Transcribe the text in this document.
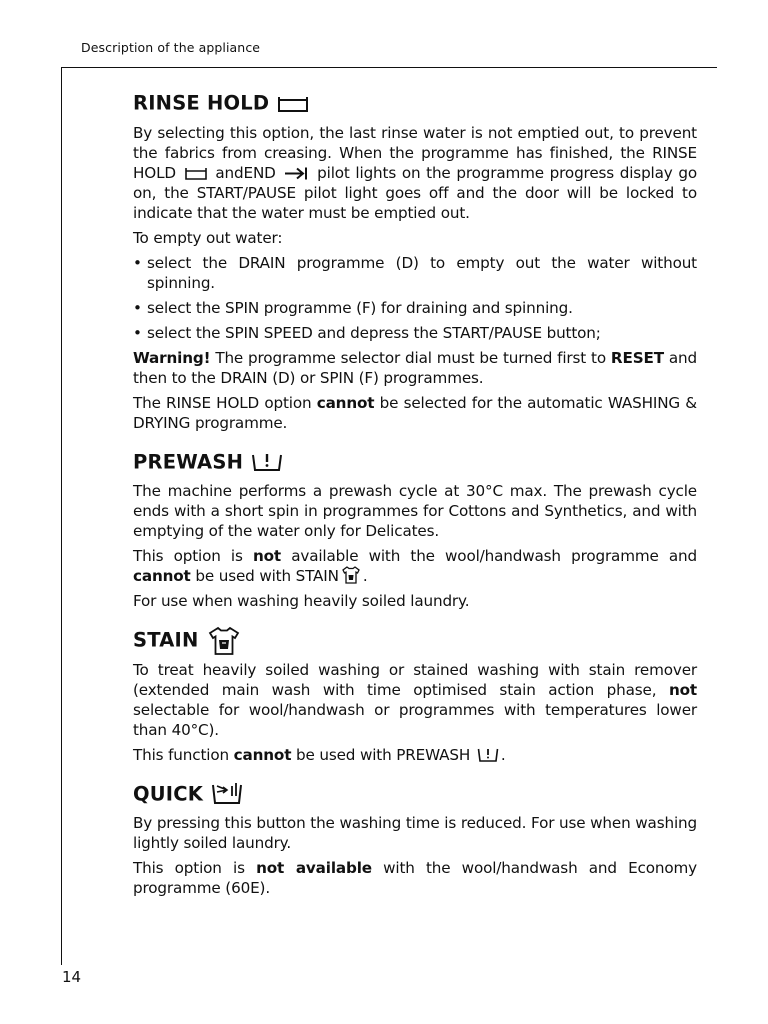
Description of the appliance
14
RINSE HOLD

By selecting this option, the last rinse water is not emptied out, to prevent the fabrics from creasing. When the programme has finished, the RINSE HOLD	andEND	pilot lights on the programme progress display go on, the START/PAUSE pilot light goes off and the door will be locked to indicate that the water must be emptied out.

To empty out water:

• select the DRAIN programme (D) to empty out the water without spinning.
• select the SPIN programme (F) for draining and spinning.
• select the SPIN SPEED and depress the START/PAUSE button;

Warning! The programme selector dial must be turned first to RESET and then to the DRAIN (D) or SPIN (F) programmes.

The RINSE HOLD option cannot be selected for the automatic WASHING & DRYING programme.

PREWASH

The machine performs a prewash cycle at 30°C max. The prewash cycle ends with a short spin in programmes for Cottons and Synthetics, and with emptying of the water only for Delicates.

This option is not available with the wool/handwash programme and cannot be used with STAIN .

For use when washing heavily soiled laundry.

STAIN

To treat heavily soiled washing or stained washing with stain remover (extended main wash with time optimised stain action phase, not selectable for wool/handwash or programmes with temperatures lower than 40°C).

This function cannot be used with PREWASH .

QUICK

By pressing this button the washing time is reduced. For use when washing lightly soiled laundry.

This option is not available with the wool/handwash and Economy programme (60E).
